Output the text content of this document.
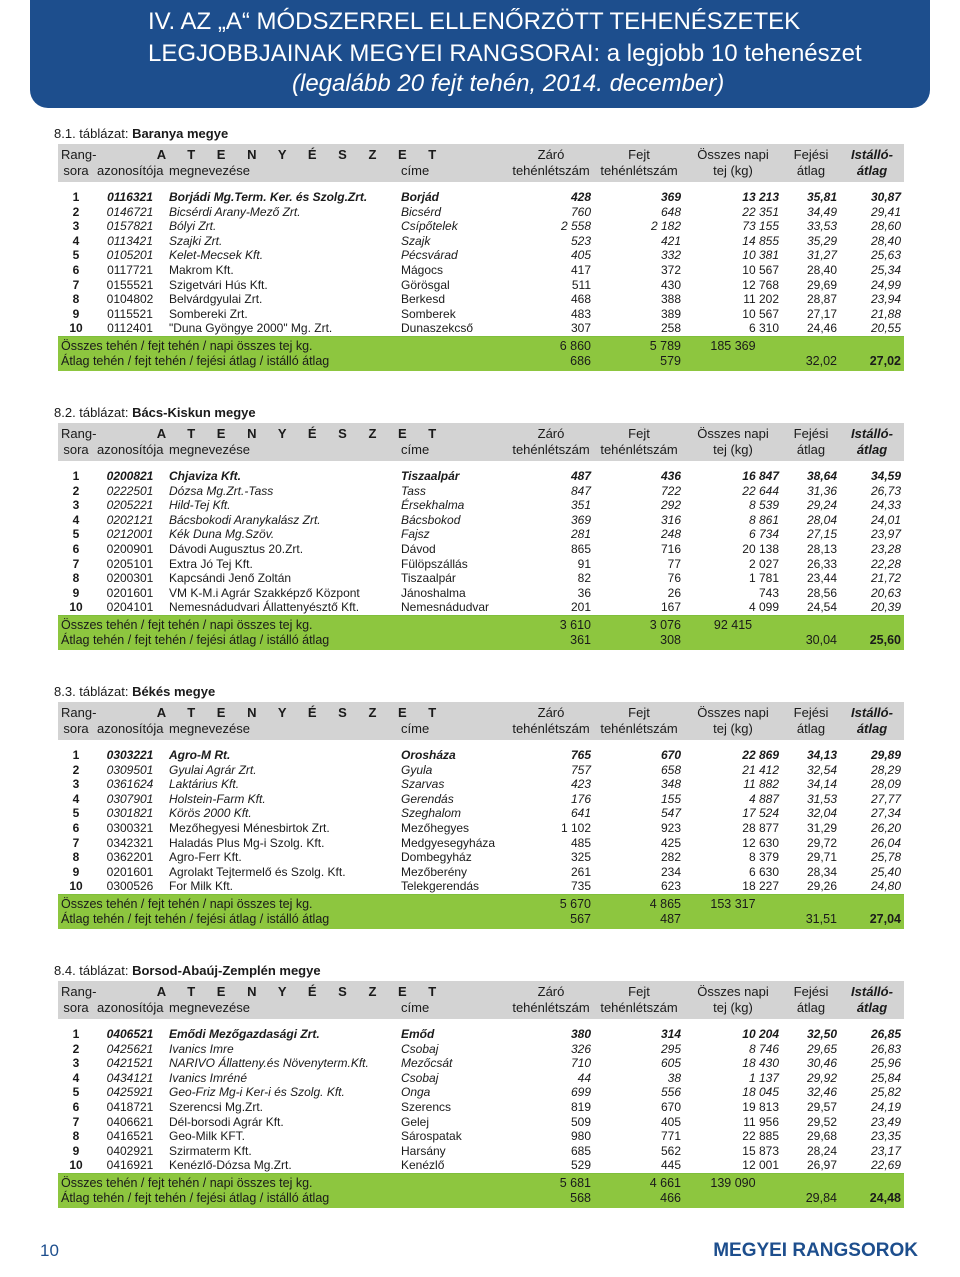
IV. AZ „A“ MÓDSZERREL ELLENŐRZÖTT TEHENÉSZETEK
LEGJOBBJAINAK MEGYEI RANGSORAI: a legjobb 10 tehenészet
(legalább 20 fejt tehén, 2014. december)
8.1. táblázat: Baranya megye
Rang-	A T E N Y É S Z E T			Záró	Fejt	Összes napi	Fejési	Istálló-
sora	azonosítója	megnevezése	címe	tehénlétszám	tehénlétszám	tej (kg)	átlag	átlag

1	0116321	Borjádi Mg.Term. Ker. és Szolg.Zrt.	Borjád	428	369	13 213	35,81	30,87
2	0146721	Bicsérdi Arany-Mező Zrt.	Bicsérd	760	648	22 351	34,49	29,41
3	0157821	Bólyi Zrt.	Csípőtelek	2 558	2 182	73 155	33,53	28,60
4	0113421	Szajki Zrt.	Szajk	523	421	14 855	35,29	28,40
5	0105201	Kelet-Mecsek Kft.	Pécsvárad	405	332	10 381	31,27	25,63
6	0117721	Makrom Kft.	Mágocs	417	372	10 567	28,40	25,34
7	0155521	Szigetvári Hús Kft.	Görösgal	511	430	12 768	29,69	24,99
8	0104802	Belvárdgyulai Zrt.	Berkesd	468	388	11 202	28,87	23,94
9	0115521	Sombereki Zrt.	Somberek	483	389	10 567	27,17	21,88
10	0112401	"Duna Gyöngye 2000" Mg. Zrt.	Dunaszekcső	307	258	6 310	24,46	20,55
Összes tehén / fejt tehén / napi összes tej kg.				6 860	5 789	185 369		
Átlag tehén / fejt tehén / fejési átlag / istálló átlag				686	579		32,02	27,02
8.2. táblázat: Bács-Kiskun megye
Rang-	A T E N Y É S Z E T			Záró	Fejt	Összes napi	Fejési	Istálló-
sora	azonosítója	megnevezése	címe	tehénlétszám	tehénlétszám	tej (kg)	átlag	átlag

1	0200821	Chjaviza Kft.	Tiszaalpár	487	436	16 847	38,64	34,59
2	0222501	Dózsa Mg.Zrt.-Tass	Tass	847	722	22 644	31,36	26,73
3	0205221	Hild-Tej Kft.	Érsekhalma	351	292	8 539	29,24	24,33
4	0202121	Bácsbokodi Aranykalász Zrt.	Bácsbokod	369	316	8 861	28,04	24,01
5	0212001	Kék Duna Mg.Szöv.	Fajsz	281	248	6 734	27,15	23,97
6	0200901	Dávodi Augusztus 20.Zrt.	Dávod	865	716	20 138	28,13	23,28
7	0205101	Extra Jó Tej Kft.	Fülöpszállás	91	77	2 027	26,33	22,28
8	0200301	Kapcsándi Jenő Zoltán	Tiszaalpár	82	76	1 781	23,44	21,72
9	0201601	VM K-M.i Agrár Szakképző Központ	Jánoshalma	36	26	743	28,56	20,63
10	0204101	Nemesnádudvari Állattenyésztő Kft.	Nemesnádudvar	201	167	4 099	24,54	20,39
Összes tehén / fejt tehén / napi összes tej kg.				3 610	3 076	92 415		
Átlag tehén / fejt tehén / fejési átlag / istálló átlag				361	308		30,04	25,60
8.3. táblázat: Békés megye
Rang-	A T E N Y É S Z E T			Záró	Fejt	Összes napi	Fejési	Istálló-
sora	azonosítója	megnevezése	címe	tehénlétszám	tehénlétszám	tej (kg)	átlag	átlag

1	0303221	Agro-M Rt.	Orosháza	765	670	22 869	34,13	29,89
2	0309501	Gyulai Agrár Zrt.	Gyula	757	658	21 412	32,54	28,29
3	0361624	Laktárius Kft.	Szarvas	423	348	11 882	34,14	28,09
4	0307901	Holstein-Farm Kft.	Gerendás	176	155	4 887	31,53	27,77
5	0301821	Körös 2000 Kft.	Szeghalom	641	547	17 524	32,04	27,34
6	0300321	Mezőhegyesi Ménesbirtok Zrt.	Mezőhegyes	1 102	923	28 877	31,29	26,20
7	0342321	Haladás Plus Mg-i Szolg. Kft.	Medgyesegyháza	485	425	12 630	29,72	26,04
8	0362201	Agro-Ferr Kft.	Dombegyház	325	282	8 379	29,71	25,78
9	0201601	Agrolakt Tejtermelő és Szolg. Kft.	Mezőberény	261	234	6 630	28,34	25,40
10	0300526	For Milk Kft.	Telekgerendás	735	623	18 227	29,26	24,80
Összes tehén / fejt tehén / napi összes tej kg.				5 670	4 865	153 317		
Átlag tehén / fejt tehén / fejési átlag / istálló átlag				567	487		31,51	27,04
8.4. táblázat: Borsod-Abaúj-Zemplén megye
Rang-	A T E N Y É S Z E T			Záró	Fejt	Összes napi	Fejési	Istálló-
sora	azonosítója	megnevezése	címe	tehénlétszám	tehénlétszám	tej (kg)	átlag	átlag

1	0406521	Emődi Mezőgazdasági Zrt.	Emőd	380	314	10 204	32,50	26,85
2	0425621	Ivanics Imre	Csobaj	326	295	8 746	29,65	26,83
3	0421521	NARIVO Állatteny.és Növenyterm.Kft.	Mezőcsát	710	605	18 430	30,46	25,96
4	0434121	Ivanics Imréné	Csobaj	44	38	1 137	29,92	25,84
5	0425921	Geo-Friz Mg-i Ker-i és Szolg. Kft.	Onga	699	556	18 045	32,46	25,82
6	0418721	Szerencsi Mg.Zrt.	Szerencs	819	670	19 813	29,57	24,19
7	0406621	Dél-borsodi Agrár Kft.	Gelej	509	405	11 956	29,52	23,49
8	0416521	Geo-Milk KFT.	Sárospatak	980	771	22 885	29,68	23,35
9	0402921	Szirmaterm Kft.	Harsány	685	562	15 873	28,24	23,17
10	0416921	Kenézlő-Dózsa Mg.Zrt.	Kenézlő	529	445	12 001	26,97	22,69
Összes tehén / fejt tehén / napi összes tej kg.				5 681	4 661	139 090		
Átlag tehén / fejt tehén / fejési átlag / istálló átlag				568	466		29,84	24,48
10	MEGYEI RANGSOROK
